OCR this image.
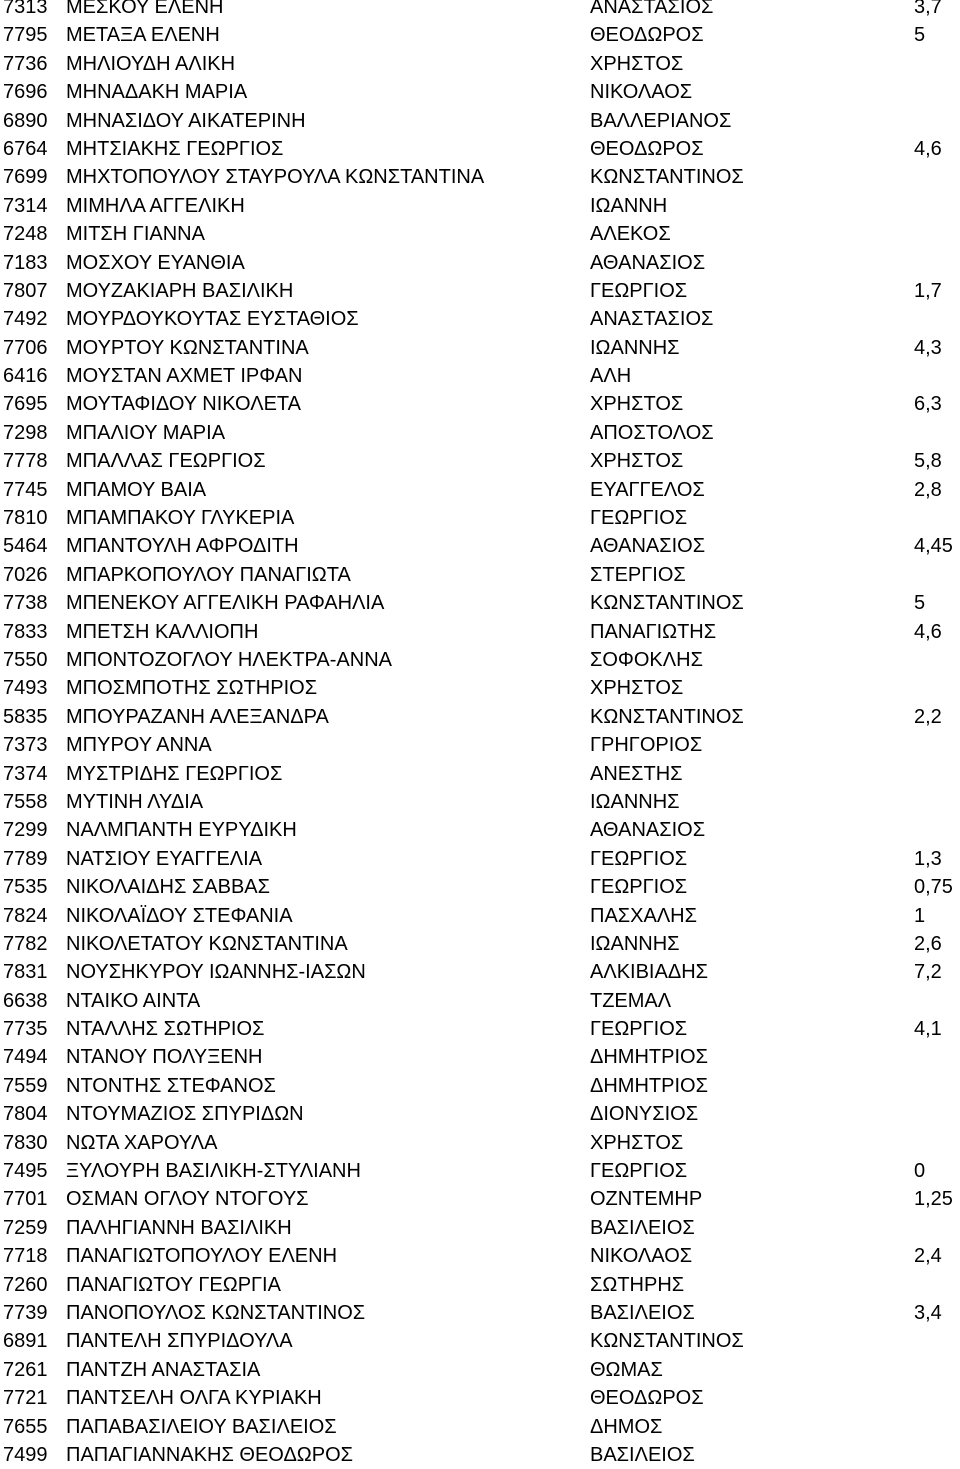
7313 ΜΕΣΚΟΥ ΕΛΕΝΗ	ΑΝΑΣΤΑΣΙΟΣ	3,7
7795 ΜΕΤΑΞΑ ΕΛΕΝΗ	ΘΕΟΔΩΡΟΣ	5
7736 ΜΗΛΙΟΥΔΗ ΑΛΙΚΗ	ΧΡΗΣΤΟΣ
7696 ΜΗΝΑΔΑΚΗ ΜΑΡΙΑ	ΝΙΚΟΛΑΟΣ
6890 ΜΗΝΑΣΙΔΟΥ ΑΙΚΑΤΕΡΙΝΗ	ΒΑΛΛΕΡΙΑΝΟΣ
6764 ΜΗΤΣΙΑΚΗΣ ΓΕΩΡΓΙΟΣ	ΘΕΟΔΩΡΟΣ	4,6
7699 ΜΗΧΤΟΠΟΥΛΟΥ ΣΤΑΥΡΟΥΛΑ ΚΩΝΣΤΑΝΤΙΝΑ	ΚΩΝΣΤΑΝΤΙΝΟΣ
7314 ΜΙΜΗΛΑ ΑΓΓΕΛΙΚΗ	ΙΩΑΝΝΗ
7248 ΜΙΤΣΗ ΓΙΑΝΝΑ	ΑΛΕΚΟΣ
7183 ΜΟΣΧΟΥ ΕΥΑΝΘΙΑ	ΑΘΑΝΑΣΙΟΣ
7807 ΜΟΥΖΑΚΙΑΡΗ ΒΑΣΙΛΙΚΗ	ΓΕΩΡΓΙΟΣ	1,7
7492 ΜΟΥΡΔΟΥΚΟΥΤΑΣ ΕΥΣΤΑΘΙΟΣ	ΑΝΑΣΤΑΣΙΟΣ
7706 ΜΟΥΡΤΟΥ ΚΩΝΣΤΑΝΤΙΝΑ	ΙΩΑΝΝΗΣ	4,3
6416 ΜΟΥΣΤΑΝ ΑΧΜΕΤ ΙΡΦΑΝ	ΑΛΗ
7695 ΜΟΥΤΑΦΙΔΟΥ ΝΙΚΟΛΕΤΑ	ΧΡΗΣΤΟΣ	6,3
7298 ΜΠΑΛΙΟΥ ΜΑΡΙΑ	ΑΠΟΣΤΟΛΟΣ
7778 ΜΠΑΛΛΑΣ ΓΕΩΡΓΙΟΣ	ΧΡΗΣΤΟΣ	5,8
7745 ΜΠΑΜΟΥ ΒΑΙΑ	ΕΥΑΓΓΕΛΟΣ	2,8
7810 ΜΠΑΜΠΑΚΟΥ ΓΛΥΚΕΡΙΑ	ΓΕΩΡΓΙΟΣ
5464 ΜΠΑΝΤΟΥΛΗ ΑΦΡΟΔΙΤΗ	ΑΘΑΝΑΣΙΟΣ	4,45
7026 ΜΠΑΡΚΟΠΟΥΛΟΥ ΠΑΝΑΓΙΩΤΑ	ΣΤΕΡΓΙΟΣ
7738 ΜΠΕΝΕΚΟΥ ΑΓΓΕΛΙΚΗ ΡΑΦΑΗΛΙΑ	ΚΩΝΣΤΑΝΤΙΝΟΣ	5
7833 ΜΠΕΤΣΗ ΚΑΛΛΙΟΠΗ	ΠΑΝΑΓΙΩΤΗΣ	4,6
7550 ΜΠΟΝΤΟΖΟΓΛΟΥ ΗΛΕΚΤΡΑ-ΑΝΝΑ	ΣΟΦΟΚΛΗΣ
7493 ΜΠΟΣΜΠΟΤΗΣ ΣΩΤΗΡΙΟΣ	ΧΡΗΣΤΟΣ
5835 ΜΠΟΥΡΑΖΑΝΗ ΑΛΕΞΑΝΔΡΑ	ΚΩΝΣΤΑΝΤΙΝΟΣ	2,2
7373 ΜΠΥΡΟΥ ΑΝΝΑ	ΓΡΗΓΟΡΙΟΣ
7374 ΜΥΣΤΡΙΔΗΣ ΓΕΩΡΓΙΟΣ	ΑΝΕΣΤΗΣ
7558 ΜΥΤΙΝΗ ΛΥΔΙΑ	ΙΩΑΝΝΗΣ
7299 ΝΑΛΜΠΑΝΤΗ ΕΥΡΥΔΙΚΗ	ΑΘΑΝΑΣΙΟΣ
7789 ΝΑΤΣΙΟΥ ΕΥΑΓΓΕΛΙΑ	ΓΕΩΡΓΙΟΣ	1,3
7535 ΝΙΚΟΛΑΙΔΗΣ ΣΑΒΒΑΣ	ΓΕΩΡΓΙΟΣ	0,75
7824 ΝΙΚΟΛΑΪΔΟΥ ΣΤΕΦΑΝΙΑ	ΠΑΣΧΑΛΗΣ	1
7782 ΝΙΚΟΛΕΤΑΤΟΥ ΚΩΝΣΤΑΝΤΙΝΑ	ΙΩΑΝΝΗΣ	2,6
7831 ΝΟΥΣΗΚΥΡΟΥ ΙΩΑΝΝΗΣ-ΙΑΣΩΝ	ΑΛΚΙΒΙΑΔΗΣ	7,2
6638 ΝΤΑΙΚΟ ΑΙΝΤΑ	ΤΖΕΜΑΛ
7735 ΝΤΑΛΛΗΣ ΣΩΤΗΡΙΟΣ	ΓΕΩΡΓΙΟΣ	4,1
7494 ΝΤΑΝΟΥ ΠΟΛΥΞΕΝΗ	ΔΗΜΗΤΡΙΟΣ
7559 ΝΤΟΝΤΗΣ ΣΤΕΦΑΝΟΣ	ΔΗΜΗΤΡΙΟΣ
7804 ΝΤΟΥΜΑΖΙΟΣ ΣΠΥΡΙΔΩΝ	ΔΙΟΝΥΣΙΟΣ
7830 ΝΩΤΑ ΧΑΡΟΥΛΑ	ΧΡΗΣΤΟΣ
7495 ΞΥΛΟΥΡΗ ΒΑΣΙΛΙΚΗ-ΣΤΥΛΙΑΝΗ	ΓΕΩΡΓΙΟΣ	0
7701 ΟΣΜΑΝ ΟΓΛΟΥ ΝΤΟΓΟΥΣ	ΟΖΝΤΕΜΗΡ	1,25
7259 ΠΑΛΗΓΙΑΝΝΗ ΒΑΣΙΛΙΚΗ	ΒΑΣΙΛΕΙΟΣ
7718 ΠΑΝΑΓΙΩΤΟΠΟΥΛΟΥ ΕΛΕΝΗ	ΝΙΚΟΛΑΟΣ	2,4
7260 ΠΑΝΑΓΙΩΤΟΥ ΓΕΩΡΓΙΑ	ΣΩΤΗΡΗΣ
7739 ΠΑΝΟΠΟΥΛΟΣ ΚΩΝΣΤΑΝΤΙΝΟΣ	ΒΑΣΙΛΕΙΟΣ	3,4
6891 ΠΑΝΤΕΛΗ ΣΠΥΡΙΔΟΥΛΑ	ΚΩΝΣΤΑΝΤΙΝΟΣ
7261 ΠΑΝΤΖΗ ΑΝΑΣΤΑΣΙΑ	ΘΩΜΑΣ
7721 ΠΑΝΤΣΕΛΗ ΟΛΓΑ ΚΥΡΙΑΚΗ	ΘΕΟΔΩΡΟΣ
7655 ΠΑΠΑΒΑΣΙΛΕΙΟΥ ΒΑΣΙΛΕΙΟΣ	ΔΗΜΟΣ
7499 ΠΑΠΑΓΙΑΝΝΑΚΗΣ ΘΕΟΔΩΡΟΣ	ΒΑΣΙΛΕΙΟΣ
